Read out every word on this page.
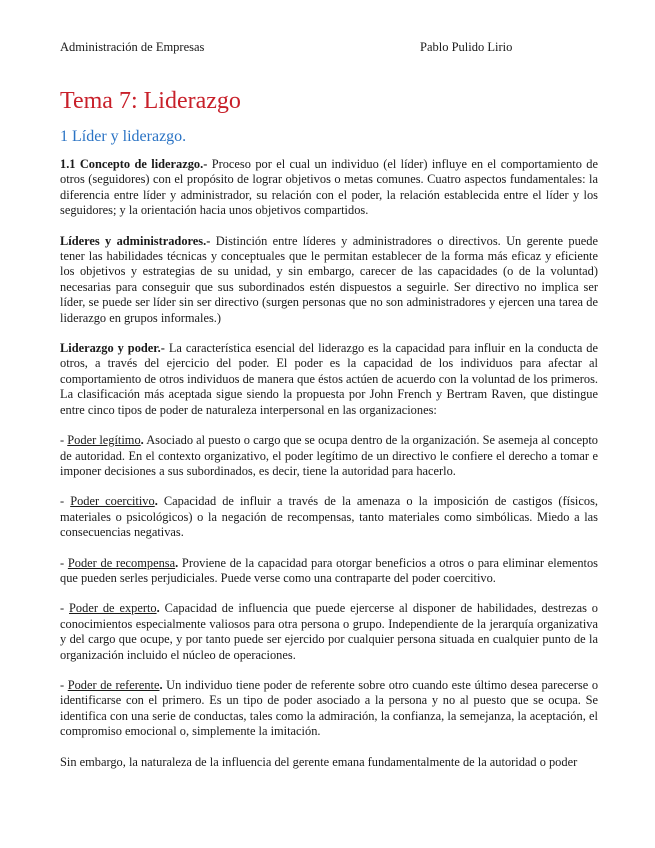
Administración de Empresas	Pablo Pulido Lirio
Tema 7: Liderazgo
1 Líder y liderazgo.

1.1 Concepto de liderazgo.- Proceso por el cual un individuo (el líder) influye en el comportamiento de otros (seguidores) con el propósito de lograr objetivos o metas comunes. Cuatro aspectos fundamentales: la diferencia entre líder y administrador, su relación con el poder, la relación establecida entre el líder y los seguidores; y la orientación hacia unos objetivos compartidos.

Líderes y administradores.- Distinción entre líderes y administradores o directivos. Un gerente puede tener las habilidades técnicas y conceptuales que le permitan establecer de la forma más eficaz y eficiente los objetivos y estrategias de su unidad, y sin embargo, carecer de las capacidades (o de la voluntad) necesarias para conseguir que sus subordinados estén dispuestos a seguirle. Ser directivo no implica ser líder, se puede ser líder sin ser directivo (surgen personas que no son administradores y ejercen una tarea de liderazgo en grupos informales.)

Liderazgo y poder.- La característica esencial del liderazgo es la capacidad para influir en la conducta de otros, a través del ejercicio del poder. El poder es la capacidad de los individuos para afectar al comportamiento de otros individuos de manera que éstos actúen de acuerdo con la voluntad de los primeros. La clasificación más aceptada sigue siendo la propuesta por John French y Bertram Raven, que distingue entre cinco tipos de poder de naturaleza interpersonal en las organizaciones:

- Poder legítimo. Asociado al puesto o cargo que se ocupa dentro de la organización. Se asemeja al concepto de autoridad. En el contexto organizativo, el poder legítimo de un directivo le confiere el derecho a tomar e imponer decisiones a sus subordinados, es decir, tiene la autoridad para hacerlo.

- Poder coercitivo. Capacidad de influir a través de la amenaza o la imposición de castigos (físicos, materiales o psicológicos) o la negación de recompensas, tanto materiales como simbólicas. Miedo a las consecuencias negativas.

- Poder de recompensa. Proviene de la capacidad para otorgar beneficios a otros o para eliminar elementos que pueden serles perjudiciales. Puede verse como una contraparte del poder coercitivo.

- Poder de experto. Capacidad de influencia que puede ejercerse al disponer de habilidades, destrezas o conocimientos especialmente valiosos para otra persona o grupo. Independiente de la jerarquía organizativa y del cargo que ocupe, y por tanto puede ser ejercido por cualquier persona situada en cualquier punto de la organización incluido el núcleo de operaciones.

- Poder de referente. Un individuo tiene poder de referente sobre otro cuando este último desea parecerse o identificarse con el primero. Es un tipo de poder asociado a la persona y no al puesto que se ocupa. Se identifica con una serie de conductas, tales como la admiración, la confianza, la semejanza, la aceptación, el compromiso emocional o, simplemente la imitación.

Sin embargo, la naturaleza de la influencia del gerente emana fundamentalmente de la autoridad o poder
